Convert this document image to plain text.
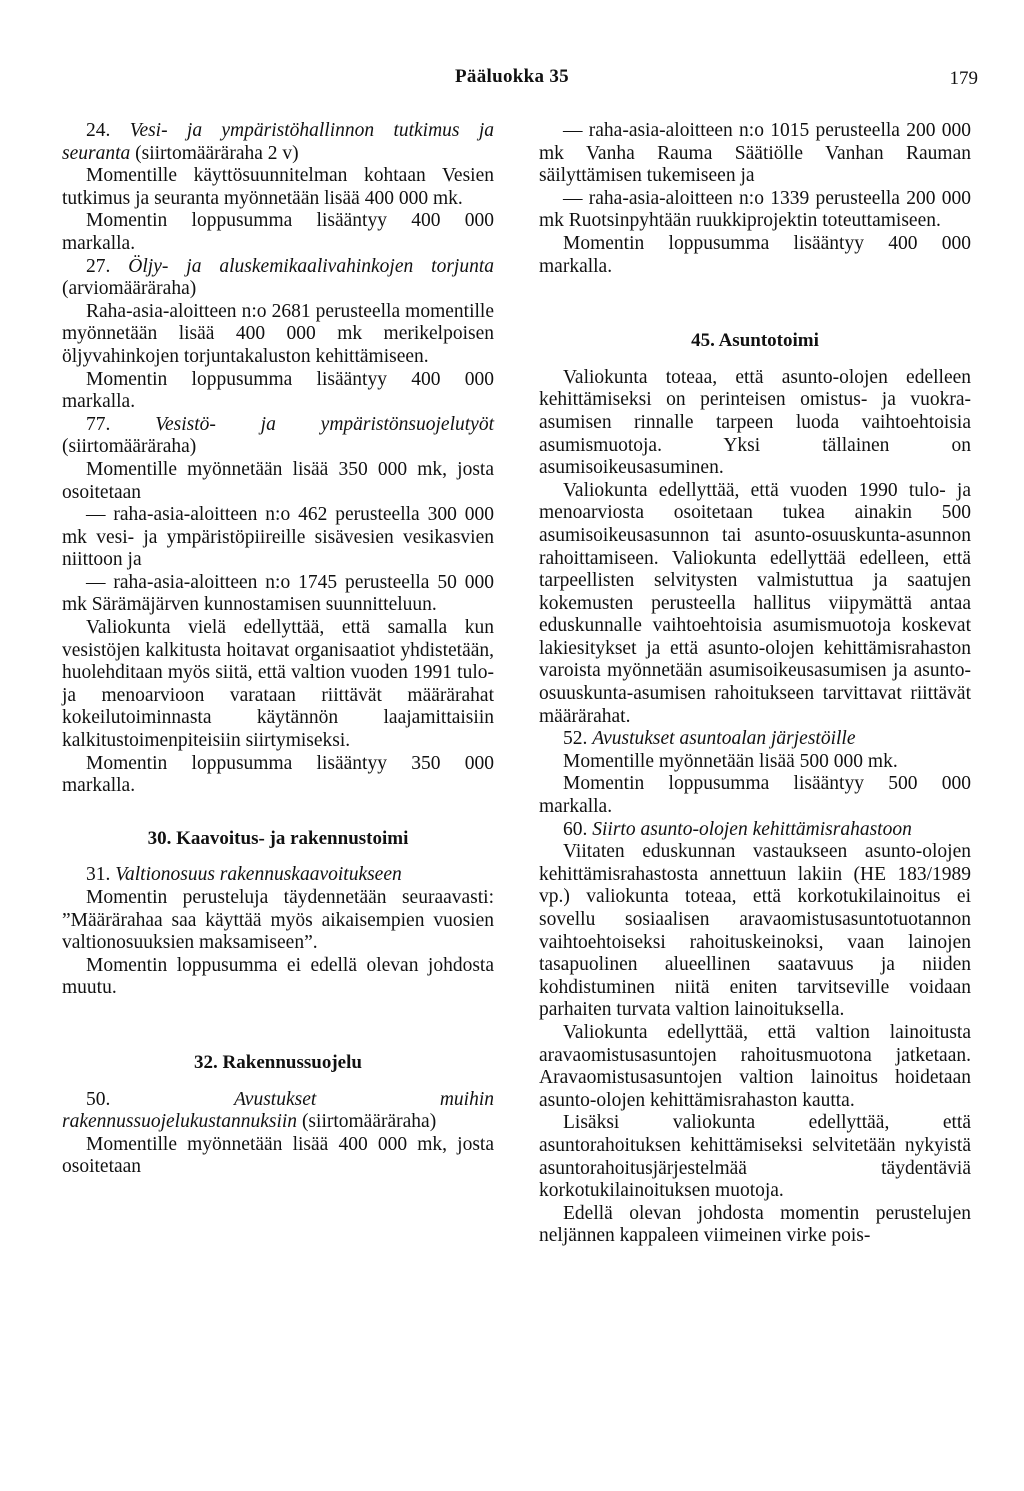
Pääluokka 35	179

24. Vesi- ja ympäristöhallinnon tutkimus ja seuranta (siirtomääräraha 2 v)

Momentille käyttösuunnitelman kohtaan Vesien tutkimus ja seuranta myönnetään lisää 400 000 mk.

Momentin loppusumma lisääntyy 400 000 markalla.

27. Öljy- ja aluskemikaalivahinkojen torjunta (arviomääräraha)

Raha-asia-aloitteen n:o 2681 perusteella momentille myönnetään lisää 400 000 mk merikelpoisen öljyvahinkojen torjuntakaluston kehittämiseen.

Momentin loppusumma lisääntyy 400 000 markalla.

77. Vesistö- ja ympäristönsuojelutyöt (siirtomääräraha)

Momentille myönnetään lisää 350 000 mk, josta osoitetaan

— raha-asia-aloitteen n:o 462 perusteella 300 000 mk vesi- ja ympäristöpiireille sisävesien vesikasvien niittoon ja

— raha-asia-aloitteen n:o 1745 perusteella 50 000 mk Särämäjärven kunnostamisen suunnitteluun.

Valiokunta vielä edellyttää, että samalla kun vesistöjen kalkitusta hoitavat organisaatiot yhdistetään, huolehditaan myös siitä, että valtion vuoden 1991 tulo- ja menoarvioon varataan riittävät määrärahat kokeilutoiminnasta käytännön laajamittaisiin kalkitustoimenpiteisiin siirtymiseksi.

Momentin loppusumma lisääntyy 350 000 markalla.

30. Kaavoitus- ja rakennustoimi

31. Valtionosuus rakennuskaavoitukseen

Momentin perusteluja täydennetään seuraavasti: ”Määrärahaa saa käyttää myös aikaisempien vuosien valtionosuuksien maksamiseen”.

Momentin loppusumma ei edellä olevan johdosta muutu.

32. Rakennussuojelu

50.	Avustukset muihin rakennussuojelukustannuksiin (siirtomääräraha)

Momentille myönnetään lisää 400 000 mk, josta osoitetaan

— raha-asia-aloitteen n:o 1015 perusteella 200 000 mk Vanha Rauma Säätiölle Vanhan Rauman säilyttämisen tukemiseen ja

— raha-asia-aloitteen n:o 1339 perusteella 200 000 mk Ruotsinpyhtään ruukkiprojektin toteuttamiseen.

Momentin loppusumma lisääntyy 400 000 markalla.

45. Asuntotoimi

Valiokunta toteaa, että asunto-olojen edelleen kehittämiseksi on perinteisen omistus- ja vuokra-asumisen rinnalle tarpeen luoda vaihtoehtoisia asumismuotoja. Yksi tällainen on asumisoikeusasuminen.

Valiokunta edellyttää, että vuoden 1990 tulo- ja menoarviosta osoitetaan tukea ainakin 500 asumisoikeusasunnon tai asunto-osuuskunta-asunnon rahoittamiseen. Valiokunta edellyttää edelleen, että tarpeellisten selvitysten valmistuttua ja saatujen kokemusten perusteella hallitus viipymättä antaa eduskunnalle vaihtoehtoisia asumismuotoja koskevat lakiesitykset ja että asunto-olojen kehittämisrahaston varoista myönnetään asumisoikeusasumisen ja asunto-osuuskunta-asumisen rahoitukseen tarvittavat riittävät määrärahat.

52. Avustukset asuntoalan järjestöille

Momentille myönnetään lisää 500 000 mk.

Momentin loppusumma lisääntyy 500 000 markalla.

60. Siirto asunto-olojen kehittämisrahastoon

Viitaten eduskunnan vastaukseen asunto-olojen kehittämisrahastosta annettuun lakiin (HE 183/1989 vp.) valiokunta toteaa, että korkotukilainoitus ei sovellu sosiaalisen aravaomistusasuntotuotannon vaihtoehtoiseksi rahoituskeinoksi, vaan lainojen tasapuolinen alueellinen saatavuus ja niiden kohdistuminen niitä eniten tarvitseville voidaan parhaiten turvata valtion lainoituksella.

Valiokunta edellyttää, että valtion lainoitusta aravaomistusasuntojen rahoitusmuotona jatketaan. Aravaomistusasuntojen valtion lainoitus hoidetaan asunto-olojen kehittämisrahaston kautta.

Lisäksi valiokunta edellyttää, että asuntorahoituksen kehittämiseksi selvitetään nykyistä asuntorahoitusjärjestelmää täydentäviä korkotukilainoituksen muotoja.

Edellä olevan johdosta momentin perustelujen neljännen kappaleen viimeinen virke pois-
